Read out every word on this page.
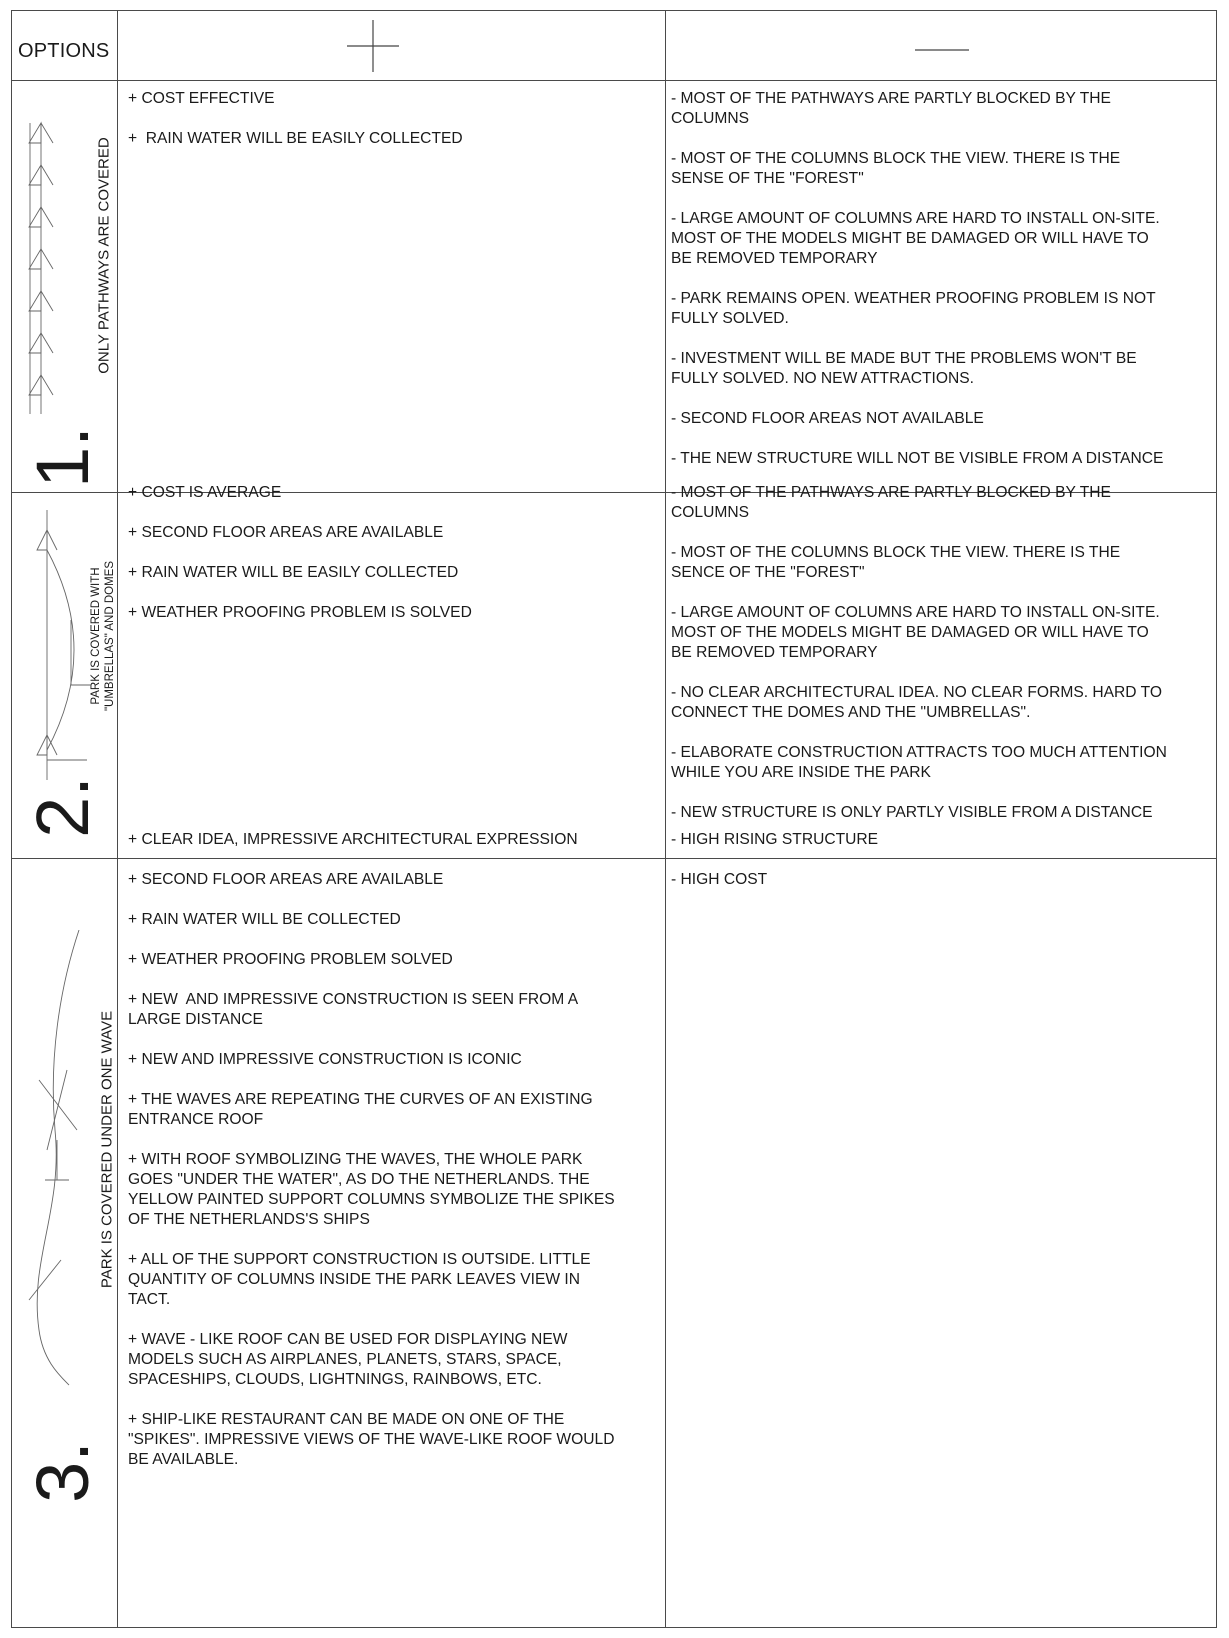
OPTIONS
1.
ONLY PATHWAYS ARE COVERED
+ COST EFFECTIVE
+  RAIN WATER WILL BE EASILY COLLECTED
- MOST OF THE PATHWAYS ARE PARTLY BLOCKED BY THE
COLUMNS
- MOST OF THE COLUMNS BLOCK THE VIEW. THERE IS THE
SENSE OF THE "FOREST"
- LARGE AMOUNT OF COLUMNS ARE HARD TO INSTALL ON-SITE.
MOST OF THE MODELS MIGHT BE DAMAGED OR WILL HAVE TO
BE REMOVED TEMPORARY
- PARK REMAINS OPEN. WEATHER PROOFING PROBLEM IS NOT
FULLY SOLVED.
- INVESTMENT WILL BE MADE BUT THE PROBLEMS WON'T BE
FULLY SOLVED. NO NEW ATTRACTIONS.
- SECOND FLOOR AREAS NOT AVAILABLE
- THE NEW STRUCTURE WILL NOT BE VISIBLE FROM A DISTANCE
2.
PARK IS COVERED WITH "UMBRELLAS" AND DOMES
+ COST IS AVERAGE
+ SECOND FLOOR AREAS ARE AVAILABLE
+ RAIN WATER WILL BE EASILY COLLECTED
+ WEATHER PROOFING PROBLEM IS SOLVED
- MOST OF THE PATHWAYS ARE PARTLY BLOCKED BY THE
COLUMNS
- MOST OF THE COLUMNS BLOCK THE VIEW. THERE IS THE
SENCE OF THE "FOREST"
- LARGE AMOUNT OF COLUMNS ARE HARD TO INSTALL ON-SITE.
MOST OF THE MODELS MIGHT BE DAMAGED OR WILL HAVE TO
BE REMOVED TEMPORARY
- NO CLEAR ARCHITECTURAL IDEA. NO CLEAR FORMS. HARD TO
CONNECT THE DOMES AND THE "UMBRELLAS".
- ELABORATE CONSTRUCTION ATTRACTS TOO MUCH ATTENTION
WHILE YOU ARE INSIDE THE PARK
- NEW STRUCTURE IS ONLY PARTLY VISIBLE FROM A DISTANCE
3.
PARK IS COVERED UNDER ONE WAVE
+ CLEAR IDEA, IMPRESSIVE ARCHITECTURAL EXPRESSION
+ SECOND FLOOR AREAS ARE AVAILABLE
+ RAIN WATER WILL BE COLLECTED
+ WEATHER PROOFING PROBLEM SOLVED
+ NEW  AND IMPRESSIVE CONSTRUCTION IS SEEN FROM A
LARGE DISTANCE
+ NEW AND IMPRESSIVE CONSTRUCTION IS ICONIC
+ THE WAVES ARE REPEATING THE CURVES OF AN EXISTING
ENTRANCE ROOF
+ WITH ROOF SYMBOLIZING THE WAVES, THE WHOLE PARK
GOES "UNDER THE WATER", AS DO THE NETHERLANDS. THE
YELLOW PAINTED SUPPORT COLUMNS SYMBOLIZE THE SPIKES
OF THE NETHERLANDS'S SHIPS
+ ALL OF THE SUPPORT CONSTRUCTION IS OUTSIDE. LITTLE
QUANTITY OF COLUMNS INSIDE THE PARK LEAVES VIEW IN
TACT.
+ WAVE - LIKE ROOF CAN BE USED FOR DISPLAYING NEW
MODELS SUCH AS AIRPLANES, PLANETS, STARS, SPACE,
SPACESHIPS, CLOUDS, LIGHTNINGS, RAINBOWS, ETC.
+ SHIP-LIKE RESTAURANT CAN BE MADE ON ONE OF THE
"SPIKES". IMPRESSIVE VIEWS OF THE WAVE-LIKE ROOF WOULD
BE AVAILABLE.
- HIGH RISING STRUCTURE
- HIGH COST
